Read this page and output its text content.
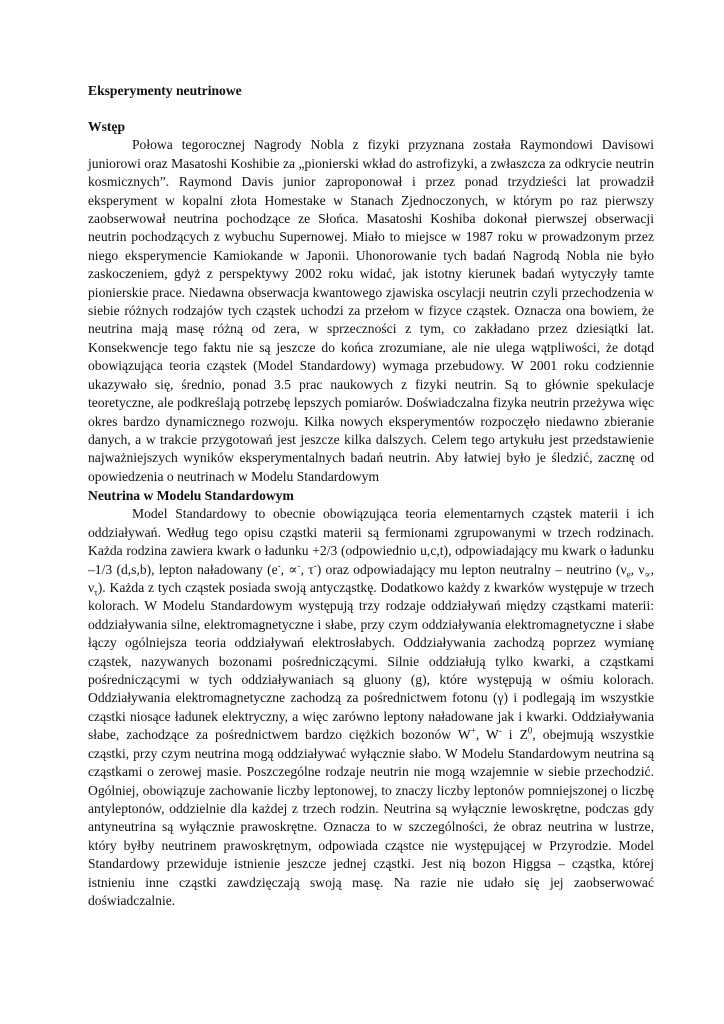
Eksperymenty neutrinowe
Wstęp

Połowa tegorocznej Nagrody Nobla z fizyki przyznana została Raymondowi Davisowi juniorowi oraz Masatoshi Koshibie za „pionierski wkład do astrofizyki, a zwłaszcza za odkrycie neutrin kosmicznych”. Raymond Davis junior zaproponował i przez ponad trzydzieści lat prowadził eksperyment w kopalni złota Homestake w Stanach Zjednoczonych, w którym po raz pierwszy zaobserwował neutrina pochodzące ze Słońca. Masatoshi Koshiba dokonał pierwszej obserwacji neutrin pochodzących z wybuchu Supernowej. Miało to miejsce w 1987 roku w prowadzonym przez niego eksperymencie Kamiokande w Japonii. Uhonorowanie tych badań Nagrodą Nobla nie było zaskoczeniem, gdyż z perspektywy 2002 roku widać, jak istotny kierunek badań wytyczyły tamte pionierskie prace. Niedawna obserwacja kwantowego zjawiska oscylacji neutrin czyli przechodzenia w siebie różnych rodzajów tych cząstek uchodzi za przełom w fizyce cząstek. Oznacza ona bowiem, że neutrina mają masę różną od zera, w sprzeczności z tym, co zakładano przez dziesiątki lat. Konsekwencje tego faktu nie są jeszcze do końca zrozumiane, ale nie ulega wątpliwości, że dotąd obowiązująca teoria cząstek (Model Standardowy) wymaga przebudowy. W 2001 roku codziennie ukazywało się, średnio, ponad 3.5 prac naukowych z fizyki neutrin. Są to głównie spekulacje teoretyczne, ale podkreślają potrzebę lepszych pomiarów. Doświadczalna fizyka neutrin przeżywa więc okres bardzo dynamicznego rozwoju. Kilka nowych eksperymentów rozpoczęło niedawno zbieranie danych, a w trakcie przygotowań jest jeszcze kilka dalszych. Celem tego artykułu jest przedstawienie najważniejszych wyników eksperymentalnych badań neutrin. Aby łatwiej było je śledzić, zacznę od opowiedzenia o neutrinach w Modelu Standardowym

Neutrina w Modelu Standardowym

Model Standardowy to obecnie obowiązująca teoria elementarnych cząstek materii i ich oddziaływań. Według tego opisu cząstki materii są fermionami zgrupowanymi w trzech rodzinach. Każda rodzina zawiera kwark o ładunku +2/3 (odpowiednio u,c,t), odpowiadający mu kwark o ładunku –1/3 (d,s,b), lepton naładowany (e-, ∝-, τ-) oraz odpowiadający mu lepton neutralny – neutrino ($\nu_e$, $\nu_\propto$, $\nu_\tau$). Każda z tych cząstek posiada swoją antycząstkę. Dodatkowo każdy z kwarków występuje w trzech kolorach. W Modelu Standardowym występują trzy rodzaje oddziaływań między cząstkami materii: oddziaływania silne, elektromagnetyczne i słabe, przy czym oddziaływania elektromagnetyczne i słabe łączy ogólniejsza teoria oddziaływań elektrosłabych. Oddziaływania zachodzą poprzez wymianę cząstek, nazywanych bozonami pośredniczącymi. Silnie oddziałują tylko kwarki, a cząstkami pośredniczącymi w tych oddziaływaniach są gluony (g), które występują w ośmiu kolorach. Oddziaływania elektromagnetyczne zachodzą za pośrednictwem fotonu (γ) i podlegają im wszystkie cząstki niosące ładunek elektryczny, a więc zarówno leptony naładowane jak i kwarki. Oddziaływania słabe, zachodzące za pośrednictwem bardzo ciężkich bozonów W+, W- i $Z^0$, obejmują wszystkie cząstki, przy czym neutrina mogą oddziaływać wyłącznie słabo. W Modelu Standardowym neutrina są cząstkami o zerowej masie. Poszczególne rodzaje neutrin nie mogą wzajemnie w siebie przechodzić. Ogólniej, obowiązuje zachowanie liczby leptonowej, to znaczy liczby leptonów pomniejszonej o liczbę antyleptonów, oddzielnie dla każdej z trzech rodzin. Neutrina są wyłącznie lewoskrętne, podczas gdy antyneutrina są wyłącznie prawoskrętne. Oznacza to w szczególności, że obraz neutrina w lustrze, który byłby neutrinem prawoskrętnym, odpowiada cząstce nie występującej w Przyrodzie. Model Standardowy przewiduje istnienie jeszcze jednej cząstki. Jest nią bozon Higgsa – cząstka, której istnieniu inne cząstki zawdzięczają swoją masę. Na razie nie udało się jej zaobserwować doświadczalnie.
